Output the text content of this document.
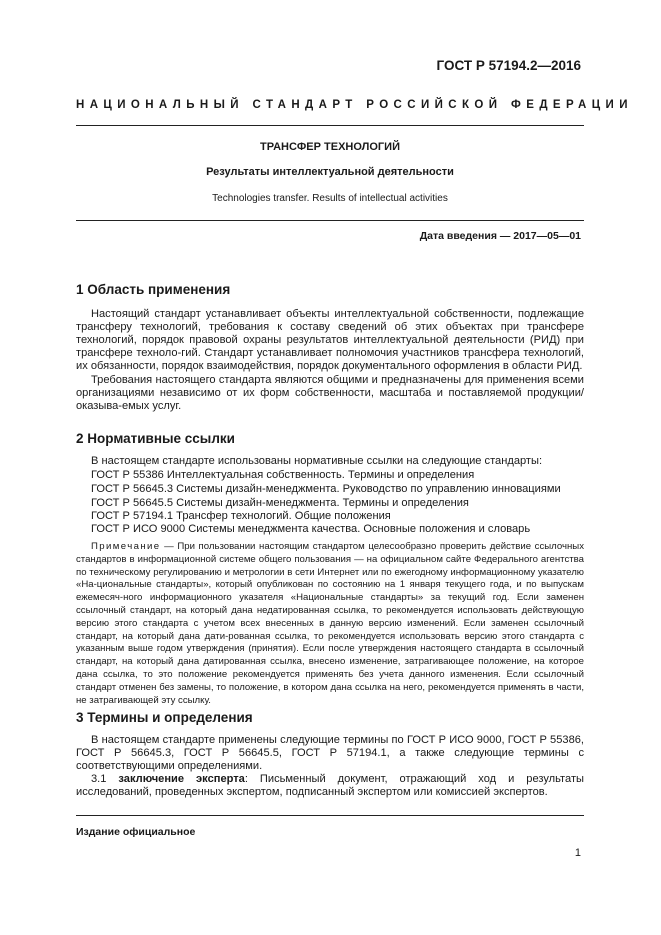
ГОСТ Р 57194.2—2016
НАЦИОНАЛЬНЫЙ СТАНДАРТ РОССИЙСКОЙ ФЕДЕРАЦИИ
ТРАНСФЕР ТЕХНОЛОГИЙ
Результаты интеллектуальной деятельности
Technologies transfer. Results of intellectual activities
Дата введения — 2017—05—01
1 Область применения
Настоящий стандарт устанавливает объекты интеллектуальной собственности, подлежащие трансферу технологий, требования к составу сведений об этих объектах при трансфере технологий, порядок правовой охраны результатов интеллектуальной деятельности (РИД) при трансфере техноло-гий. Стандарт устанавливает полномочия участников трансфера технологий, их обязанности, порядок взаимодействия, порядок документального оформления в области РИД.
Требования настоящего стандарта являются общими и предназначены для применения всеми организациями независимо от их форм собственности, масштаба и поставляемой продукции/оказыва-емых услуг.
2 Нормативные ссылки
В настоящем стандарте использованы нормативные ссылки на следующие стандарты:
ГОСТ Р 55386 Интеллектуальная собственность. Термины и определения
ГОСТ Р 56645.3 Системы дизайн-менеджмента. Руководство по управлению инновациями
ГОСТ Р 56645.5 Системы дизайн-менеджмента. Термины и определения
ГОСТ Р 57194.1 Трансфер технологий. Общие положения
ГОСТ Р ИСО 9000 Системы менеджмента качества. Основные положения и словарь
Примечание — При пользовании настоящим стандартом целесообразно проверить действие ссылочных стандартов в информационной системе общего пользования — на официальном сайте Федерального агентства по техническому регулированию и метрологии в сети Интернет или по ежегодному информационному указателю «На-циональные стандарты», который опубликован по состоянию на 1 января текущего года, и по выпускам ежемесяч-ного информационного указателя «Национальные стандарты» за текущий год. Если заменен ссылочный стандарт, на который дана недатированная ссылка, то рекомендуется использовать действующую версию этого стандарта с учетом всех внесенных в данную версию изменений. Если заменен ссылочный стандарт, на который дана дати-рованная ссылка, то рекомендуется использовать версию этого стандарта с указанным выше годом утверждения (принятия). Если после утверждения настоящего стандарта в ссылочный стандарт, на который дана датированная ссылка, внесено изменение, затрагивающее положение, на которое дана ссылка, то это положение рекомендуется применять без учета данного изменения. Если ссылочный стандарт отменен без замены, то положение, в котором дана ссылка на него, рекомендуется применять в части, не затрагивающей эту ссылку.
3 Термины и определения
В настоящем стандарте применены следующие термины по ГОСТ Р ИСО 9000, ГОСТ Р 55386, ГОСТ Р 56645.3, ГОСТ Р 56645.5, ГОСТ Р 57194.1, а также следующие термины с соответствующими определениями.
3.1 заключение эксперта: Письменный документ, отражающий ход и результаты исследований, проведенных экспертом, подписанный экспертом или комиссией экспертов.
Издание официальное
1
